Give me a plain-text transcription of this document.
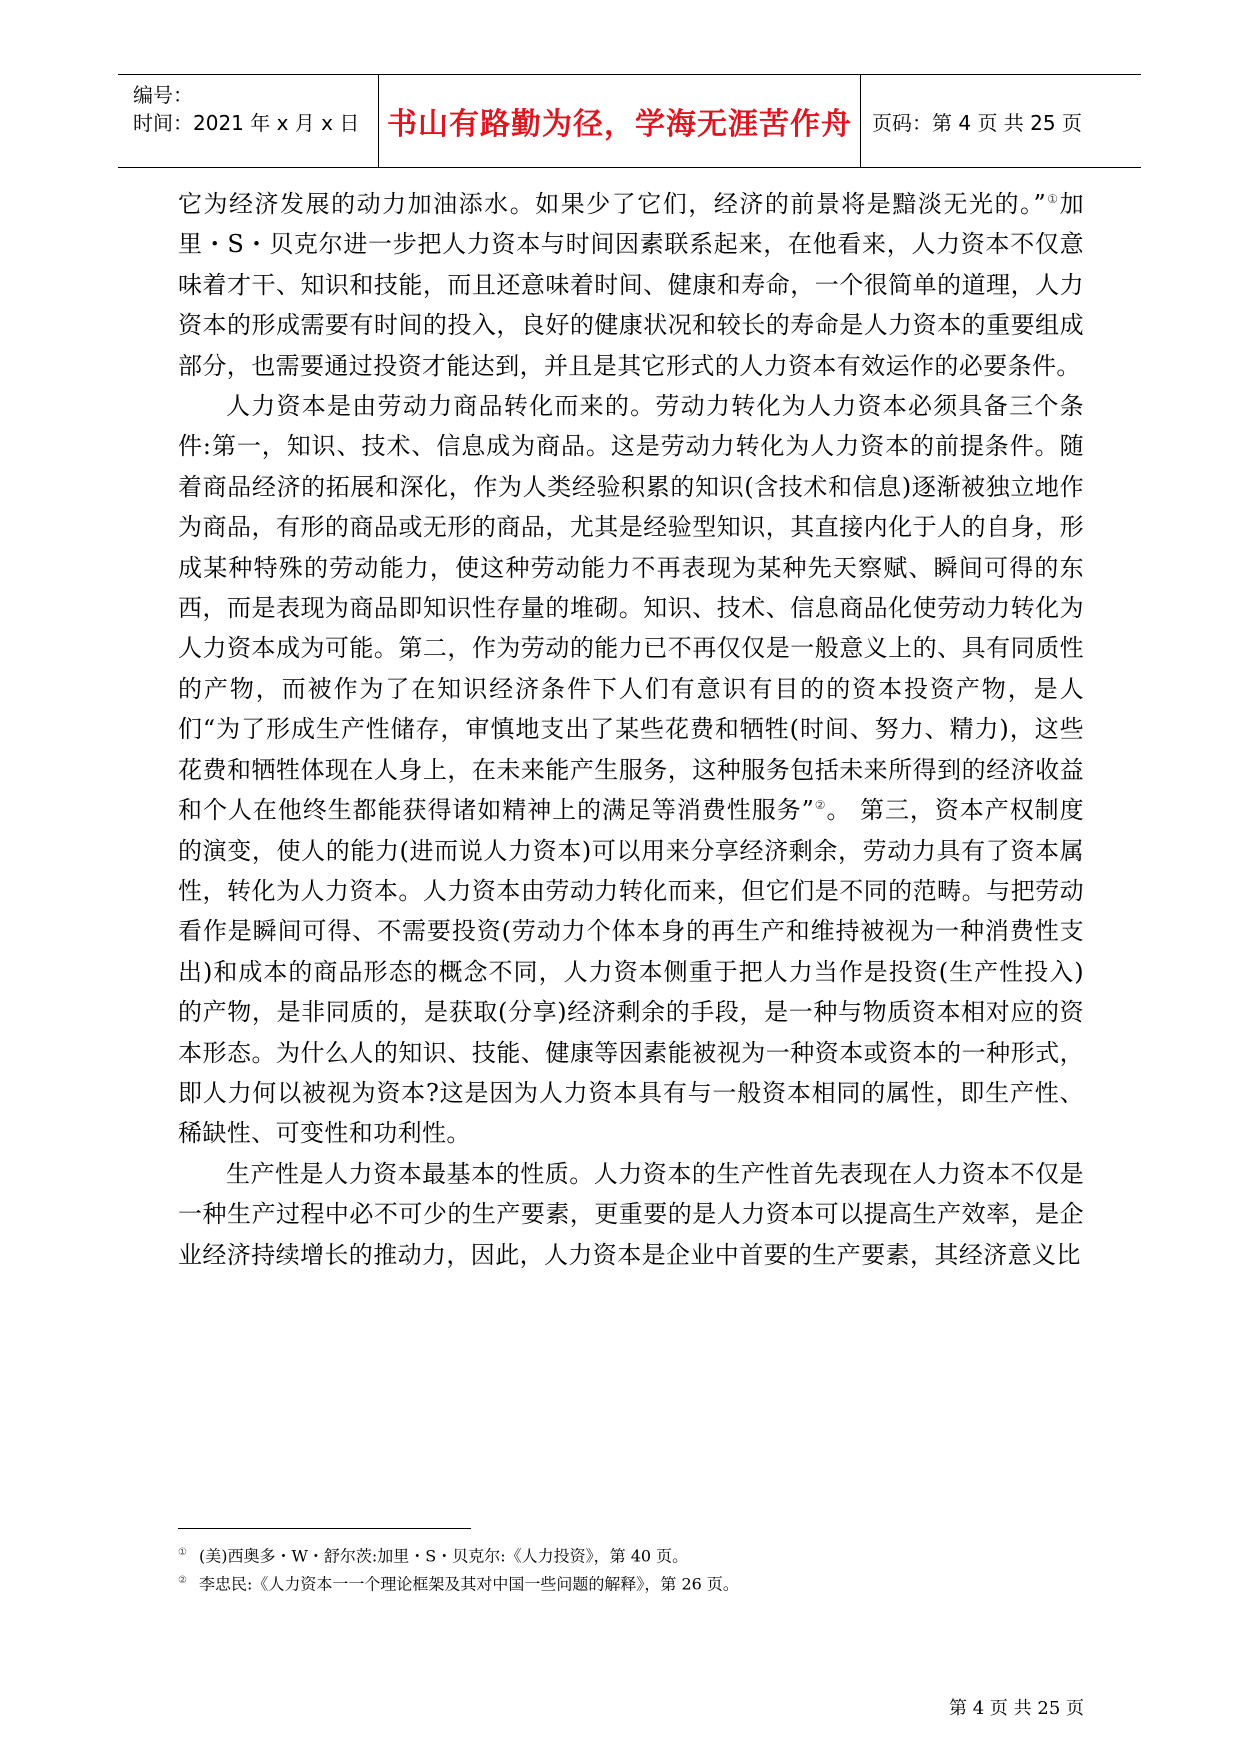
编号：
时间：2021 年 x 月 x 日 书山有路勤为径，学海无涯苦作舟 页码：第 4 页 共 25 页

它为经济发展的动力加油添水。如果少了它们，经济的前景将是黯淡无光的。”①加里・S・贝克尔进一步把人力资本与时间因素联系起来，在他看来，人力资本不仅意味着才干、知识和技能，而且还意味着时间、健康和寿命，一个很简单的道理，人力资本的形成需要有时间的投入，良好的健康状况和较长的寿命是人力资本的重要组成部分，也需要通过投资才能达到，并且是其它形式的人力资本有效运作的必要条件。

人力资本是由劳动力商品转化而来的。劳动力转化为人力资本必须具备三个条件:第一，知识、技术、信息成为商品。这是劳动力转化为人力资本的前提条件。随着商品经济的拓展和深化，作为人类经验积累的知识(含技术和信息)逐渐被独立地作为商品，有形的商品或无形的商品，尤其是经验型知识，其直接内化于人的自身，形成某种特殊的劳动能力，使这种劳动能力不再表现为某种先天察赋、瞬间可得的东西，而是表现为商品即知识性存量的堆砌。知识、技术、信息商品化使劳动力转化为人力资本成为可能。第二，作为劳动的能力已不再仅仅是一般意义上的、具有同质性的产物，而被作为了在知识经济条件下人们有意识有目的的资本投资产物，是人们“为了形成生产性储存，审慎地支出了某些花费和牺牲(时间、努力、精力)，这些花费和牺牲体现在人身上，在未来能产生服务，这种服务包括未来所得到的经济收益和个人在他终生都能获得诸如精神上的满足等消费性服务”②。 第三，资本产权制度的演变，使人的能力(进而说人力资本)可以用来分享经济剩余，劳动力具有了资本属性，转化为人力资本。人力资本由劳动力转化而来，但它们是不同的范畴。与把劳动看作是瞬间可得、不需要投资(劳动力个体本身的再生产和维持被视为一种消费性支出)和成本的商品形态的概念不同，人力资本侧重于把人力当作是投资(生产性投入)的产物，是非同质的，是获取(分享)经济剩余的手段，是一种与物质资本相对应的资本形态。为什么人的知识、技能、健康等因素能被视为一种资本或资本的一种形式，即人力何以被视为资本?这是因为人力资本具有与一般资本相同的属性，即生产性、稀缺性、可变性和功利性。

生产性是人力资本最基本的性质。人力资本的生产性首先表现在人力资本不仅是一种生产过程中必不可少的生产要素，更重要的是人力资本可以提高生产效率，是企业经济持续增长的推动力，因此，人力资本是企业中首要的生产要素，其经济意义比

① (美)西奥多・W・舒尔茨:加里・S・贝克尔:《人力投资》，第 40 页。
② 李忠民:《人力资本一一个理论框架及其对中国一些问题的解释》，第 26 页。
第 4 页 共 25 页
